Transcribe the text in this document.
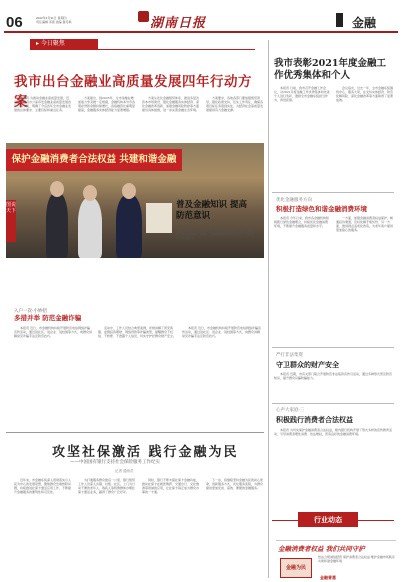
06	2022年3月31日 星期四
责任编辑 邓燕 美编 谢月枫	湖南日报	金融
▸ 今日聚焦
我市出台金融业高质量发展四年行动方案

本报讯 为推动金融业高质量发展，近日，市政府办公室印发金融业高质量发展四年行动方案，明确了今后四年全市金融业发展的总体要求、主要目标和重点任务。

方案提出，到2025年，全市金融业增加值力争突破一定规模，金融机构本外币各项存贷款余额持续增长，直接融资比重明显提高，金融服务实体经济能力显著增强。

方案从优化金融组织体系、推进多层次资本市场建设、强化金融服务实体经济、深化金融改革创新、加强金融风险防控等方面提出具体措施，进一步完善金融生态环境。

方案要求，各地各部门要加强组织领导，强化政策支持，压实工作责任，确保各项目标任务落到实处，为经济社会高质量发展提供有力金融支撑。

保护金融消费者合法权益 共建和谐金融
图说天下
普及金融知识 提高防范意识
近日，某银行工作人员在街头开展金融知识宣传活动，向市民普及金融常识，提醒广大群众增强风险防范意识，守护好自己的钱袋子。
入户一次·小妙招
多措并举 防范金融诈骗

本报讯 近日，市金融机构持续开展防范电信网络诈骗宣传活动，通过进社区、进企业、进校园等方式，向群众讲解常见诈骗手法及防范技巧。

活动中，工作人员结合典型案例，详细讲解了冒充客服、虚假投资理财、网络贷款等诈骗类型，提醒群众不轻信、不转账、不透露个人信息，切实守护好群众财产安全。

本报讯 近日，市金融机构持续开展防范电信网络诈骗宣传活动，通过进社区、进企业、进校园等方式，向群众讲解常见诈骗手法及防范技巧。

攻坚社保激活 践行金融为民
——中国国有银行支持社会保险服务工作纪实
记者 通讯员

近年来，市金融系统深入贯彻落实以人民为中心的发展思想，聚焦群众急难愁盼问题，持续推进社保卡激活应用工作，不断提升金融服务的便利性和可及性。

为打通服务群众最后一公里，银行组织工作人员深入乡镇、村组、社区，上门为行动不便的老年人、残疾人等特殊群体办理社保卡激活业务，赢得了群众广泛好评。

同时，银行不断丰富社保卡金融功能，推动社保卡在就医购药、交通出行、文化旅游等领域的应用，让社保卡真正成为群众办事的一卡通。

下一步，将继续坚持金融为民的初心使命，创新服务方式，优化服务流程，为群众提供更加优质、高效、便捷的金融服务。

我市表彰2021年度金融工作优秀集体和个人

本报讯 日前，我市召开金融工作会议，对2021年度金融工作优秀集体和先进个人进行表彰，激励全市金融系统担当作为、再创佳绩。

会议指出，过去一年，全市金融系统围绕中心、服务大局，在支持实体经济、防范化解风险、深化金融改革等方面取得了显著成效。

优化金融服务方向
积极打造绿色和谐金融消费环境

本报讯 今年以来，我市各金融机构积极践行绿色金融理念，持续优化金融消费环境，不断提升金融服务质量和水平。

一方面，加强金融消费者权益保护，畅通投诉渠道，及时化解矛盾纠纷；另一方面，推进网点适老化改造，为老年客户提供更加贴心的服务。

严打非法集资
守卫群众的财产安全

本报讯 近期，市有关部门联合开展防范非法集资宣传月活动，通过多种形式普及防范知识，提升群众识骗防骗能力。

心声大家庭·三
积极践行消费者合法权益

本报讯 为切实保护金融消费者合法权益，辖内银行机构开展了形式多样的宣传教育活动，引导消费者理性消费、依法维权，营造良好的金融消费环境。

行业动态
金融消费者权益 我们共同守护
金融为民
依法合规诚信经营 保护消费者合法权益 维护金融市场秩序 共建和谐金融环境
金融普惠
